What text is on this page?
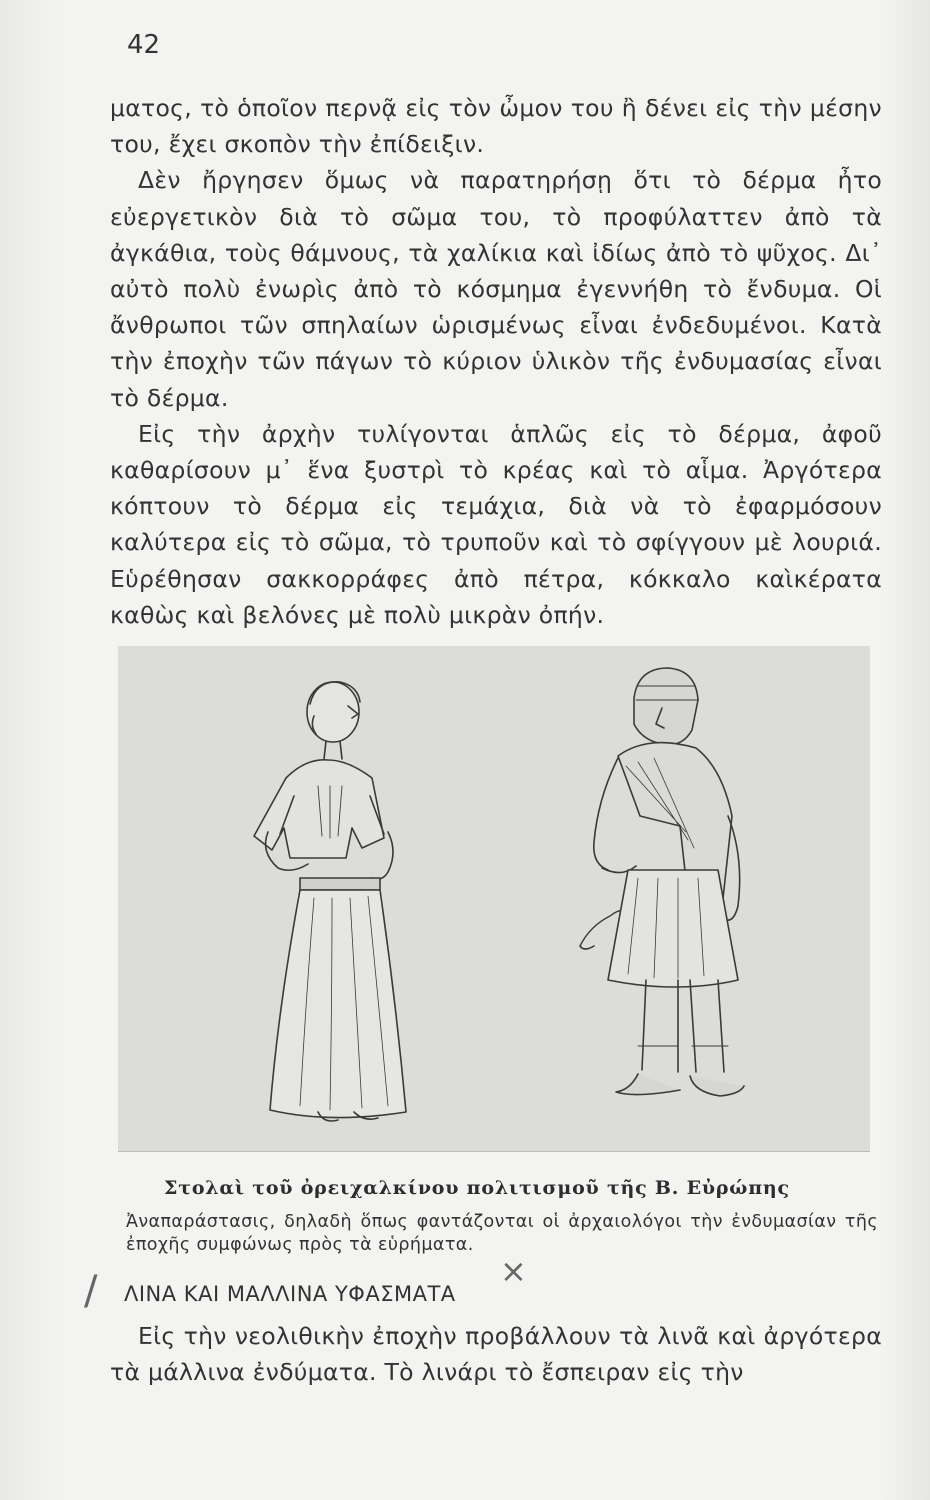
42

ματος, τὸ ὁποῖον περνᾷ εἰς τὸν ὦμον του ἢ δένει εἰς τὴν μέσην του, ἔχει σκοπὸν τὴν ἐπίδειξιν.

Δὲν ἤργησεν ὅμως νὰ παρατηρήσῃ ὅτι τὸ δέρμα ἦτο εὐεργετικὸν διὰ τὸ σῶμα του, τὸ προφύλαττεν ἀπὸ τὰ ἀγκάθια, τοὺς θάμνους, τὰ χαλίκια καὶ ἰδίως ἀπὸ τὸ ψῦχος. Δι᾽ αὐτὸ πολὺ ἐνωρὶς ἀπὸ τὸ κόσμημα ἐγεννήθη τὸ ἔνδυμα. Οἱ ἄνθρωποι τῶν σπηλαίων ὡρισμένως εἶναι ἐνδεδυμένοι. Κατὰ τὴν ἐποχὴν τῶν πάγων τὸ κύριον ὑλικὸν τῆς ἐνδυμασίας εἶναι τὸ δέρμα.

Εἰς τὴν ἀρχὴν τυλίγονται ἁπλῶς εἰς τὸ δέρμα, ἀφοῦ καθαρίσουν μ᾽ ἕνα ξυστρὶ τὸ κρέας καὶ τὸ αἷμα. Ἀργότερα κόπτουν τὸ δέρμα εἰς τεμάχια, διὰ νὰ τὸ ἐφαρμόσουν καλύτερα εἰς τὸ σῶμα, τὸ τρυποῦν καὶ τὸ σφίγγουν μὲ λουριά. Εὑρέθησαν σακκορράφες ἀπὸ πέτρα, κόκκαλο καὶκέρατα καθὼς καὶ βελόνες μὲ πολὺ μικρὰν ὀπήν.

Στολαὶ τοῦ ὀρειχαλκίνου πολιτισμοῦ τῆς Β. Εὐρώπης
Ἀναπαράστασις, δηλαδὴ ὅπως φαντάζονται οἱ ἀρχαιολόγοι τὴν ἐνδυμασίαν τῆς ἐποχῆς συμφώνως πρὸς τὰ εὑρήματα.
ΛΙΝΑ ΚΑΙ ΜΑΛΛΙΝΑ ΥΦΑΣΜΑΤΑ

Εἰς τὴν νεολιθικὴν ἐποχὴν προβάλλουν τὰ λινᾶ καὶ ἀργότερα τὰ μάλλινα ἐνδύματα. Τὸ λινάρι τὸ ἔσπειραν εἰς τὴν

/	×
